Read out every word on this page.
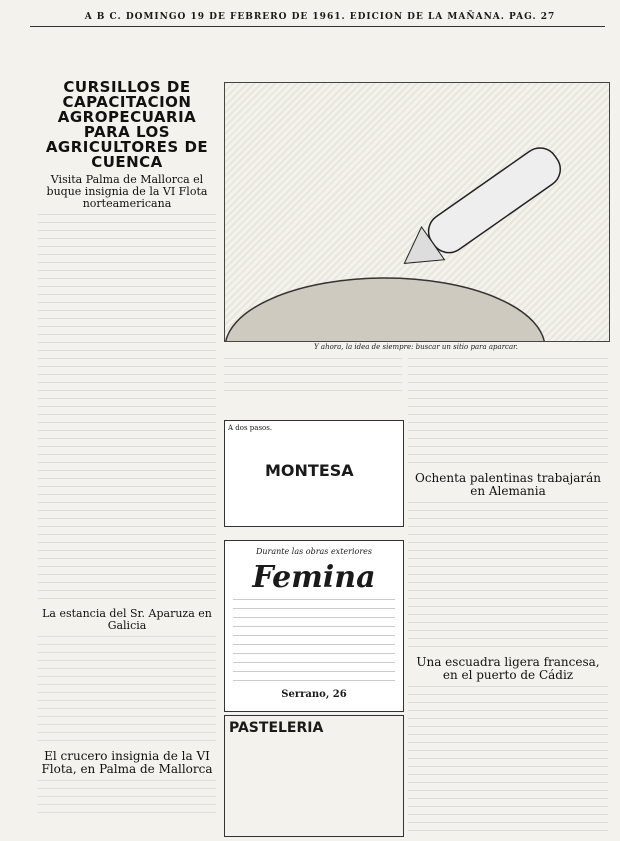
A B C. DOMINGO 19 DE FEBRERO DE 1961. EDICION DE LA MAÑANA. PAG. 27
CURSILLOS DE CAPACITACION AGROPECUARIA PARA LOS AGRICULTORES DE CUENCA
Visita Palma de Mallorca el buque insignia de la VI Flota norteamericana
La estancia del Sr. Aparuza en Galicia
El crucero insignia de la VI Flota, en Palma de Mallorca
Y ahora, la idea de siempre: buscar un sitio para aparcar.
A dos pasos.
MONTESA
Durante las obras exteriores
Femina
Serrano, 26
PASTELERIA
Ochenta palentinas trabajarán en Alemania
Una escuadra ligera francesa, en el puerto de Cádiz
